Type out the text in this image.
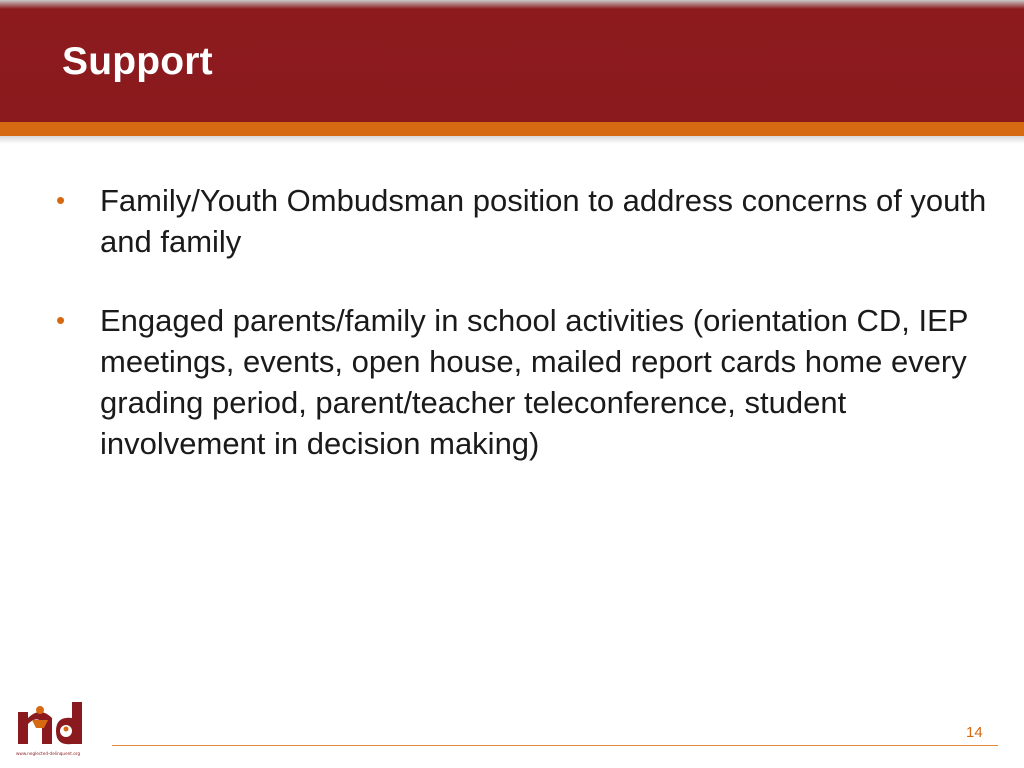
Support
• Family/Youth Ombudsman position to address concerns of youth and family
• Engaged parents/family in school activities (orientation CD, IEP meetings, events, open house, mailed report cards home every grading period, parent/teacher teleconference, student involvement in decision making)
www.neglected-delinquent.org
14
